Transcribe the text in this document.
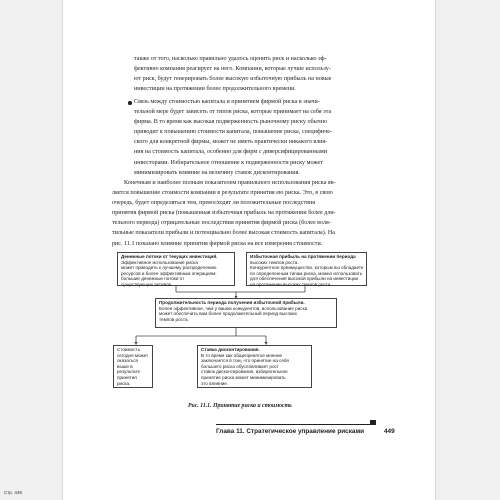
также от того, насколько правильно удалось оценить риск и насколько эф-
фективно компания реагирует на него. Компании, которые лучше использу-
ют риск, будут генерировать более высокую избыточную прибыль на новые
инвестиции на протяжении более продолжительного времени.
Связь между стоимостью капитала и принятием фирмой риска в значи-
тельной мере будет зависеть от типов риска, которые принимает на себя эта
фирма. В то время как высокая подверженность рыночному риску обычно
приводит к повышению стоимости капитала, повышение риска, специфиче-
ского для конкретной фирмы, может не иметь практически никакого влия-
ния на стоимость капитала, особенно для фирм с диверсифицированными
инвесторами. Избирательное отношение к подверженности риску может
минимизировать влияние на величину ставок дисконтирования.
Конечным и наиболее полным показателем правильного использования риска яв-
ляется повышение стоимости компании в результате принятия ею риска. Это, в свою
очередь, будет определяться тем, превосходят ли положительные последствия
принятия фирмой риска (повышенная избыточная прибыль на протяжении более дли-
тельного периода) отрицательные последствия принятия фирмой риска (более воля-
тильные показатели прибыли и потенциально более высокая стоимость капитала). На
рис. 11.1 показано влияние принятия фирмой риска на все измерения стоимости.
Денежные потоки от текущих инвестиций.
Эффективное использование риска
может приводить к лучшему распределению
ресурсов и более эффективным операциям:
большие денежные потоки от
существующих активов.
Избыточная прибыль на протяжении периода
высоких темпов роста.
Конкурентное преимущество, которым вы обладаете
по определенным типам риска, можно использовать
для обеспечения высокой прибыли на инвестиции
на протяжении высоких темпов роста.
Продолжительность периода получения избыточной прибыли.
Более эффективное, чем у ваших конкурентов, использование риска
может обеспечить вам более продолжительный период высоких
темпов роста.
Стоимость
сегодня может
оказаться
выше в
результате
принятия
риска.
Ставка дисконтирования.
В то время как общепринятое мнение
заключается в том, что принятие на себя
большего риска обусловливает рост
ставок дисконтирования, избирательное
принятие риска может минимизировать
это влияние.
Рис. 11.1. Принятие риска и стоимость
Глава 11. Стратегическое управление рисками	449
Стр. 449
